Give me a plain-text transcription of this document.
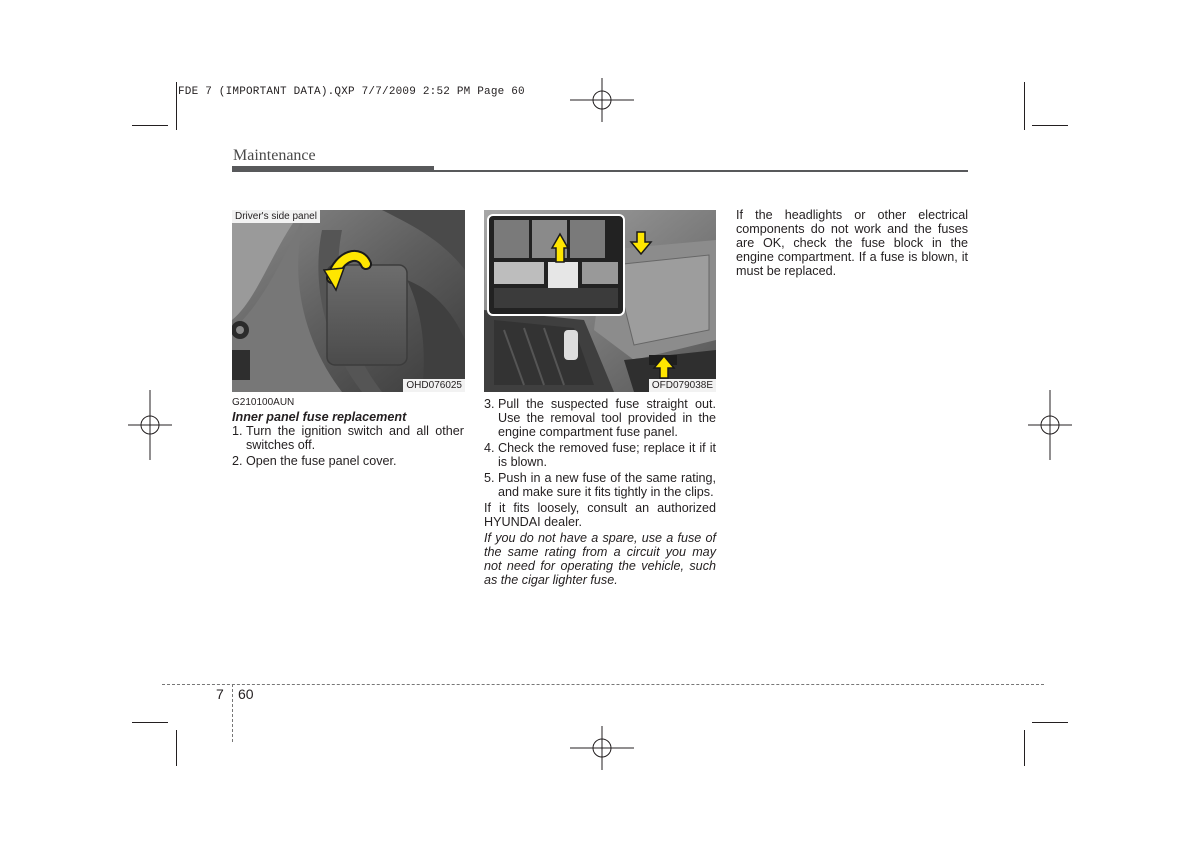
FDE 7 (IMPORTANT DATA).QXP 7/7/2009 2:52 PM Page 60
Maintenance
Driver's side panel
OHD076025	OFD079038E

G210100AUN

Inner panel fuse replacement

1. Turn the ignition switch and all other switches off.
2. Open the fuse panel cover.
3. Pull the suspected fuse straight out. Use the removal tool provided in the engine compartment fuse panel.
4. Check the removed fuse; replace it if it is blown.
5. Push in a new fuse of the same rating, and make sure it fits tightly in the clips.

If it fits loosely, consult an authorized HYUNDAI dealer.

If you do not have a spare, use a fuse of the same rating from a circuit you may not need for operating the vehicle, such as the cigar lighter fuse.

If the headlights or other electrical components do not work and the fuses are OK, check the fuse block in the engine compartment. If a fuse is blown, it must be replaced.

7 60
